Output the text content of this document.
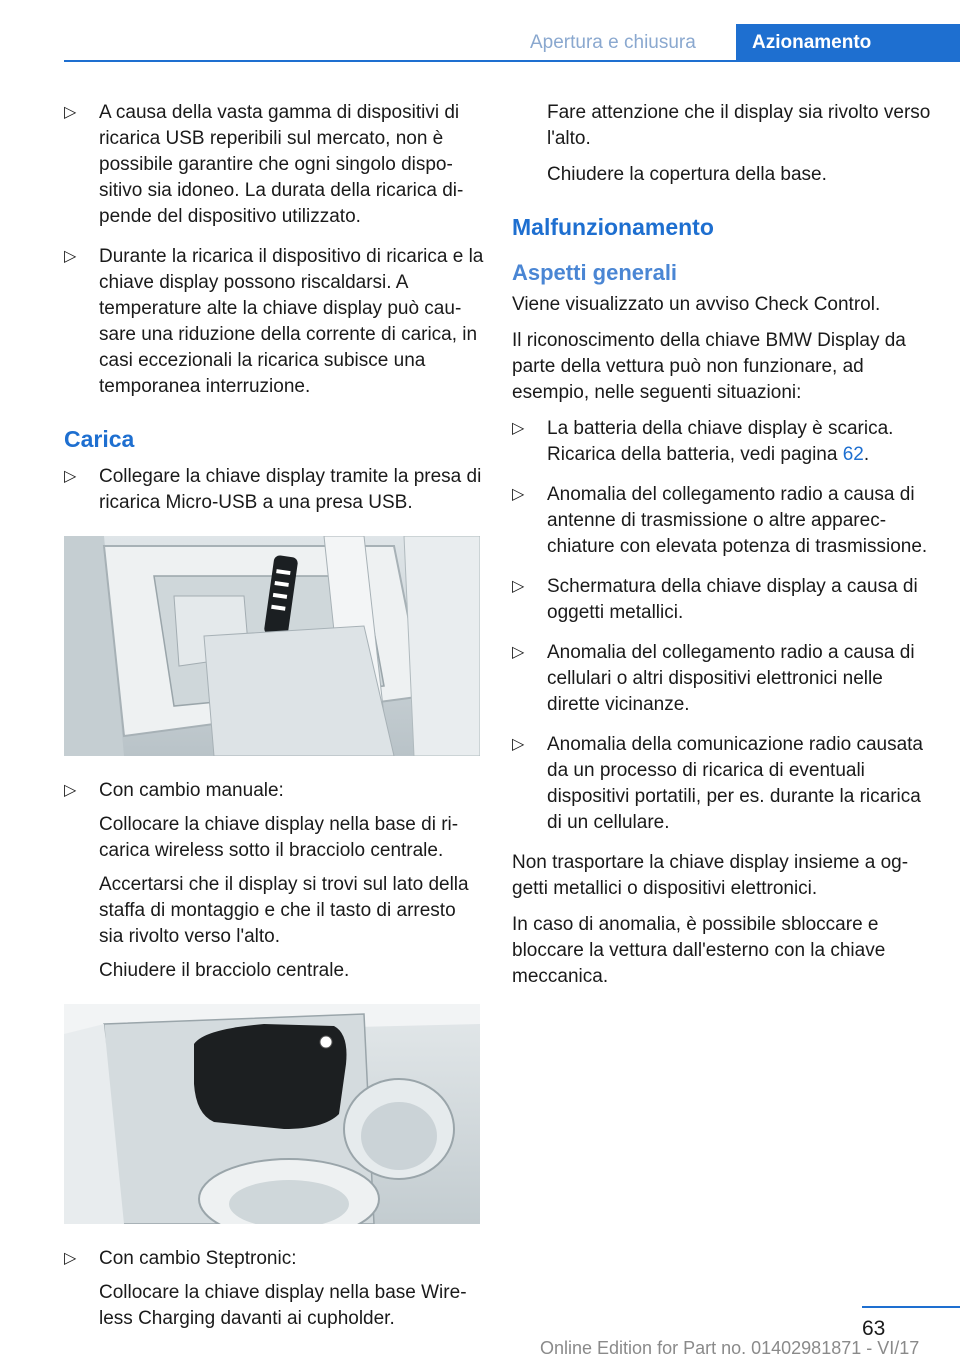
Apertura e chiusura	Azionamento
▷ A causa della vasta gamma di dispositivi di ricarica USB reperibili sul mercato, non è possibile garantire che ogni singolo dispositivo sia idoneo. La durata della ricarica dipende del dispositivo utilizzato.

▷ Durante la ricarica il dispositivo di ricarica e la chiave display possono riscaldarsi. A temperature alte la chiave display può causare una riduzione della corrente di carica, in casi eccezionali la ricarica subisce una temporanea interruzione.

Carica
▷ Collegare la chiave display tramite la presa di ricarica Micro-USB a una presa USB.

▷ Con cambio manuale:

Collocare la chiave display nella base di ricarica wireless sotto il bracciolo centrale.

Accertarsi che il display si trovi sul lato della staffa di montaggio e che il tasto di arresto sia rivolto verso l'alto.

Chiudere il bracciolo centrale.

▷ Con cambio Steptronic:

Collocare la chiave display nella base Wireless Charging davanti ai cupholder.

Fare attenzione che il display sia rivolto verso l'alto.

Chiudere la copertura della base.

Malfunzionamento
Aspetti generali

Viene visualizzato un avviso Check Control.

Il riconoscimento della chiave BMW Display da parte della vettura può non funzionare, ad esempio, nelle seguenti situazioni:

▷ La batteria della chiave display è scarica. Ricarica della batteria, vedi pagina 62.

▷ Anomalia del collegamento radio a causa di antenne di trasmissione o altre apparecchiature con elevata potenza di trasmissione.

▷ Schermatura della chiave display a causa di oggetti metallici.

▷ Anomalia del collegamento radio a causa di cellulari o altri dispositivi elettronici nelle dirette vicinanze.

▷ Anomalia della comunicazione radio causata da un processo di ricarica di eventuali dispositivi portatili, per es. durante la ricarica di un cellulare.

Non trasportare la chiave display insieme a oggetti metallici o dispositivi elettronici.

In caso di anomalia, è possibile sbloccare e bloccare la vettura dall'esterno con la chiave meccanica.

63
Online Edition for Part no. 01402981871 - VI/17
